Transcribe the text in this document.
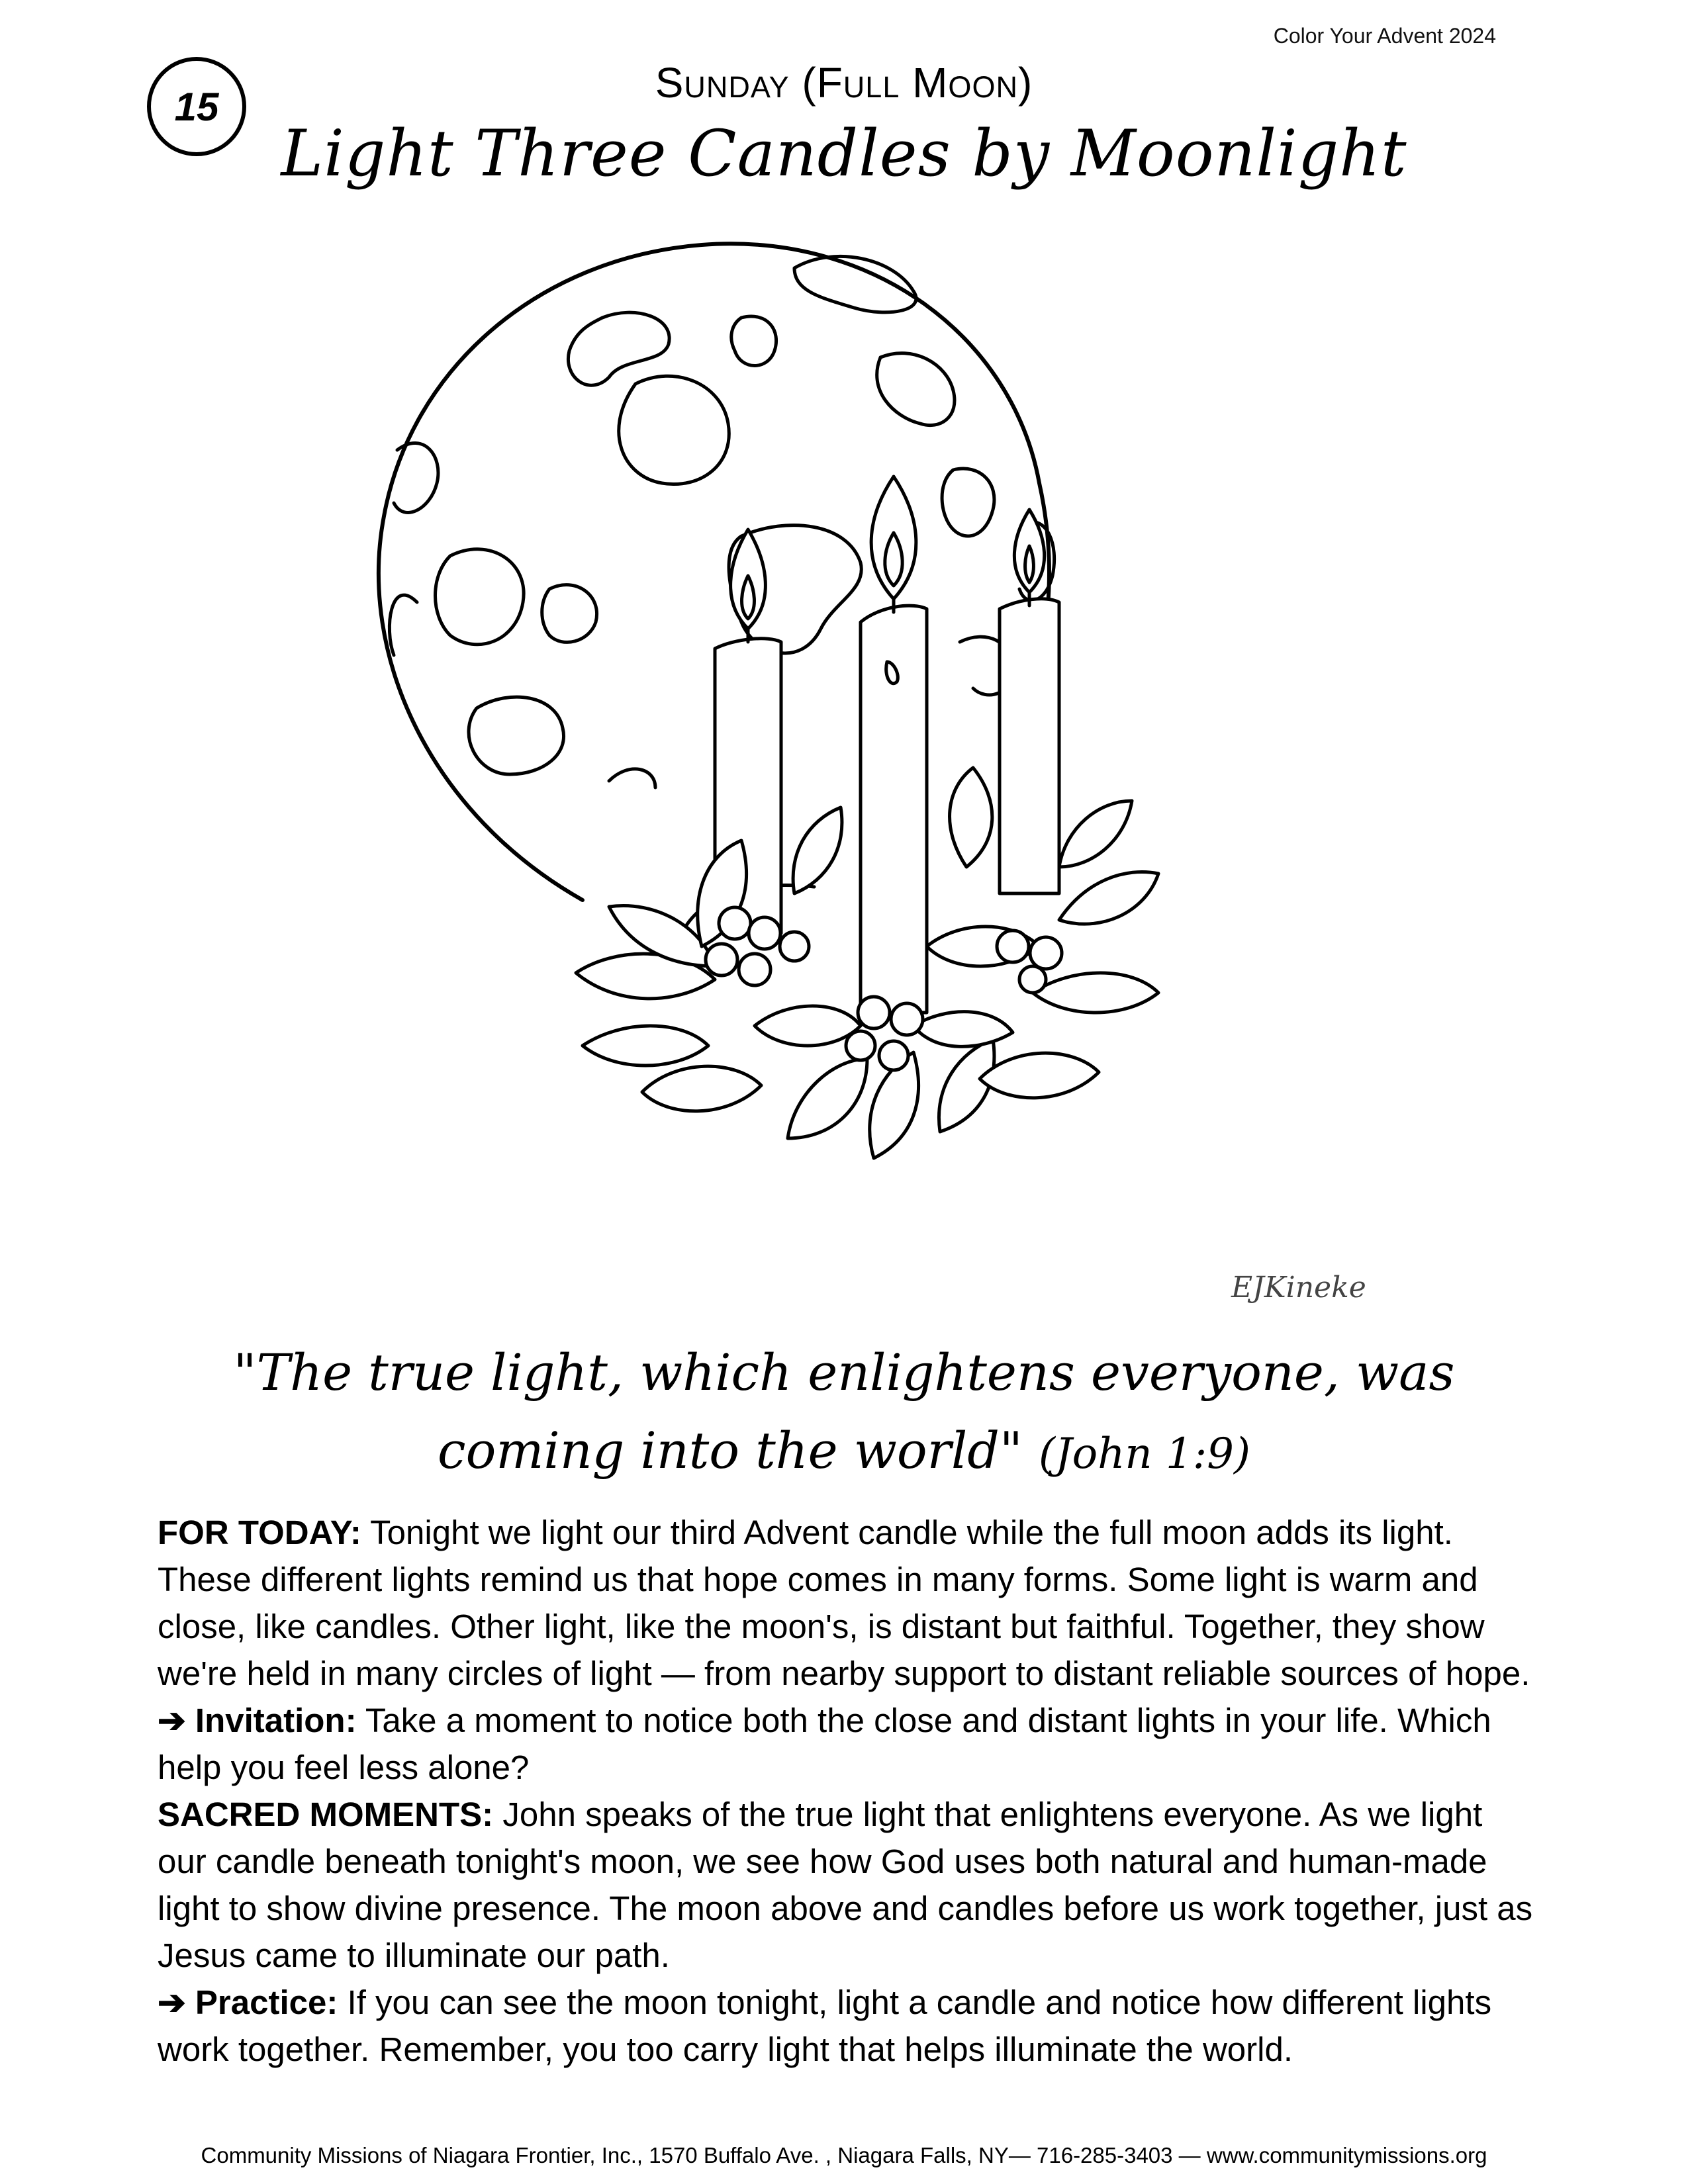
Color Your Advent 2024
15	Sunday (Full Moon)
Light Three Candles by Moonlight
EJKineke
"The true light, which enlightens everyone, was coming into the world" (John 1:9)

FOR TODAY: Tonight we light our third Advent candle while the full moon adds its light. These different lights remind us that hope comes in many forms. Some light is warm and close, like candles. Other light, like the moon's, is distant but faithful. Together, they show we're held in many circles of light — from nearby support to distant reliable sources of hope.

➔ Invitation: Take a moment to notice both the close and distant lights in your life. Which help you feel less alone?

SACRED MOMENTS: John speaks of the true light that enlightens everyone. As we light our candle beneath tonight's moon, we see how God uses both natural and human-made light to show divine presence. The moon above and candles before us work together, just as Jesus came to illuminate our path.

➔ Practice: If you can see the moon tonight, light a candle and notice how different lights work together. Remember, you too carry light that helps illuminate the world.

Community Missions of Niagara Frontier, Inc., 1570 Buffalo Ave. , Niagara Falls, NY— 716-285-3403 — www.communitymissions.org
